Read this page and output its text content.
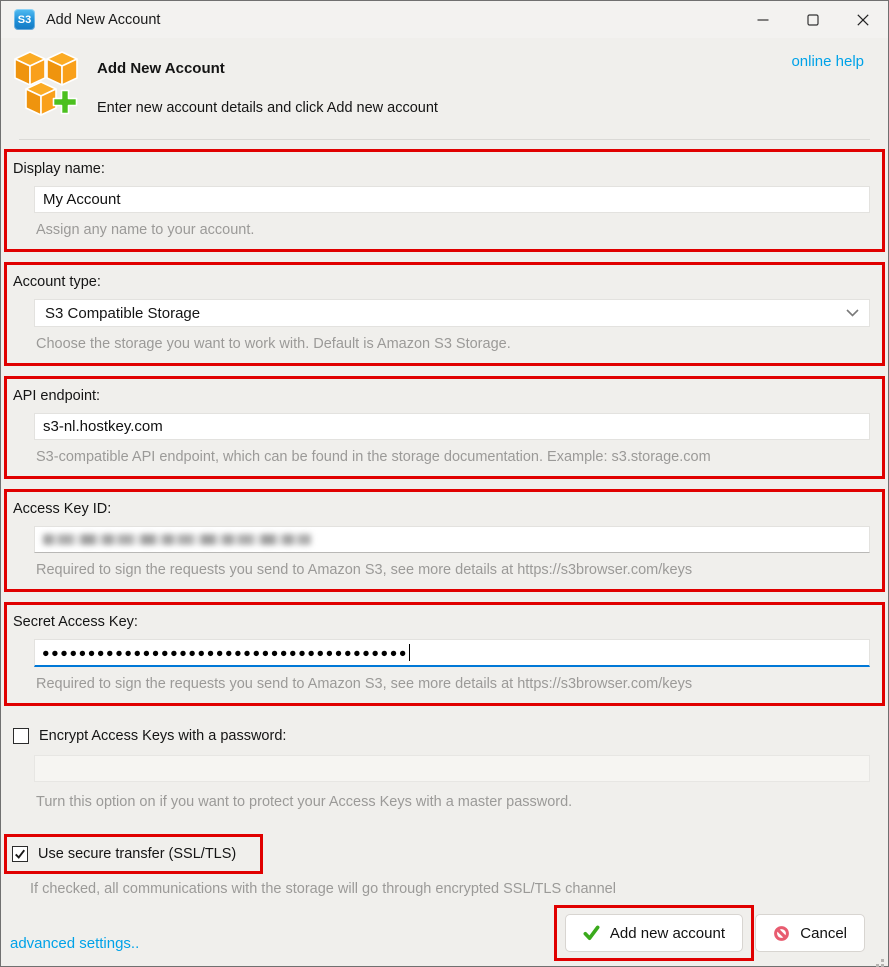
S3 Add New Account
Add New Account
Enter new account details and click Add new account
online help
Display name:
My Account
Assign any name to your account.
Account type:
S3 Compatible Storage
Choose the storage you want to work with. Default is Amazon S3 Storage.
API endpoint:
s3-nl.hostkey.com
S3-compatible API endpoint, which can be found in the storage documentation. Example: s3.storage.com
Access Key ID:
Required to sign the requests you send to Amazon S3, see more details at https://s3browser.com/keys
Secret Access Key:
●●●●●●●●●●●●●●●●●●●●●●●●●●●●●●●●●●●●●●●●
Required to sign the requests you send to Amazon S3, see more details at https://s3browser.com/keys
Encrypt Access Keys with a password:
Turn this option on if you want to protect your Access Keys with a master password.
Use secure transfer (SSL/TLS)
If checked, all communications with the storage will go through encrypted SSL/TLS channel
advanced settings..
Add new account	Cancel
